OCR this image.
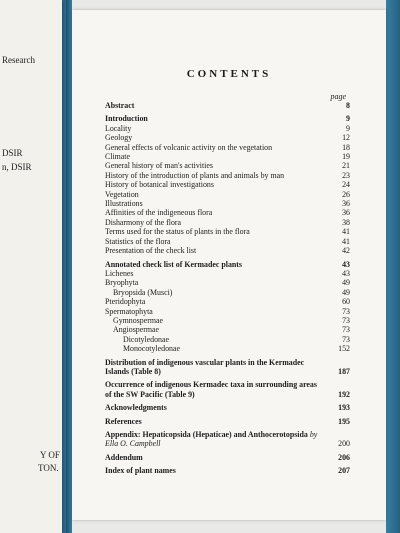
Research
DSIR
n, DSIR
Y OF
TON.
CONTENTS
page
Abstract	8
Introduction	9
Locality	9
Geology	12
General effects of volcanic activity on the vegetation	18
Climate	19
General history of man's activities	21
History of the introduction of plants and animals by man	23
History of botanical investigations	24
Vegetation	26
Illustrations	36
Affinities of the indigeneous flora	36
Disharmony of the flora	38
Terms used for the status of plants in the flora	41
Statistics of the flora	41
Presentation of the check list	42
Annotated check list of Kermadec plants	43
Lichenes	43
Bryophyta	49
Bryopsida (Musci)	49
Pteridophyta	60
Spermatophyta	73
Gymnospermae	73
Angiospermae	73
Dicotyledonae	73
Monocotyledonae	152
Distribution of indigenous vascular plants in the Kermadec Islands (Table 8)	187
Occurrence of indigenous Kermadec taxa in surrounding areas of the SW Pacific (Table 9)	192
Acknowledgments	193
References	195
Appendix: Hepaticopsida (Hepaticae) and Anthocerotopsida by Ella O. Campbell	200
Addendum	206
Index of plant names	207
